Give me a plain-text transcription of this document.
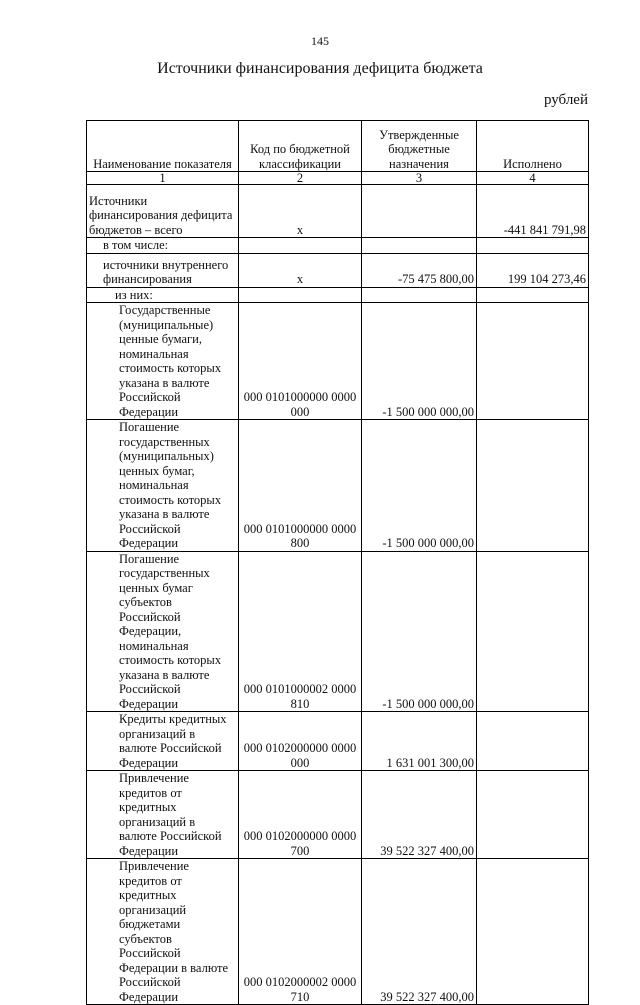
145
Источники финансирования дефицита бюджета
рублей
Наименование показателя	Код по бюджетной классификации	Утвержденные бюджетные назначения	Исполнено
1	2	3	4
Источники финансирования дефицита бюджетов – всего	x		-441 841 791,98
в том числе:			
источники внутреннего финансирования	x	-75 475 800,00	199 104 273,46
из них:			
Государственные (муниципальные) ценные бумаги, номинальная стоимость которых указана в валюте Российской Федерации	000 0101000000 0000 000	-1 500 000 000,00	
Погашение государственных (муниципальных) ценных бумаг, номинальная стоимость которых указана в валюте Российской Федерации	000 0101000000 0000 800	-1 500 000 000,00	
Погашение государственных ценных бумаг субъектов Российской Федерации, номинальная стоимость которых указана в валюте Российской Федерации	000 0101000002 0000 810	-1 500 000 000,00	
Кредиты кредитных организаций в валюте Российской Федерации	000 0102000000 0000 000	1 631 001 300,00	
Привлечение кредитов от кредитных организаций в валюте Российской Федерации	000 0102000000 0000 700	39 522 327 400,00	
Привлечение кредитов от кредитных организаций бюджетами субъектов Российской Федерации в валюте Российской Федерации	000 0102000002 0000 710	39 522 327 400,00	
